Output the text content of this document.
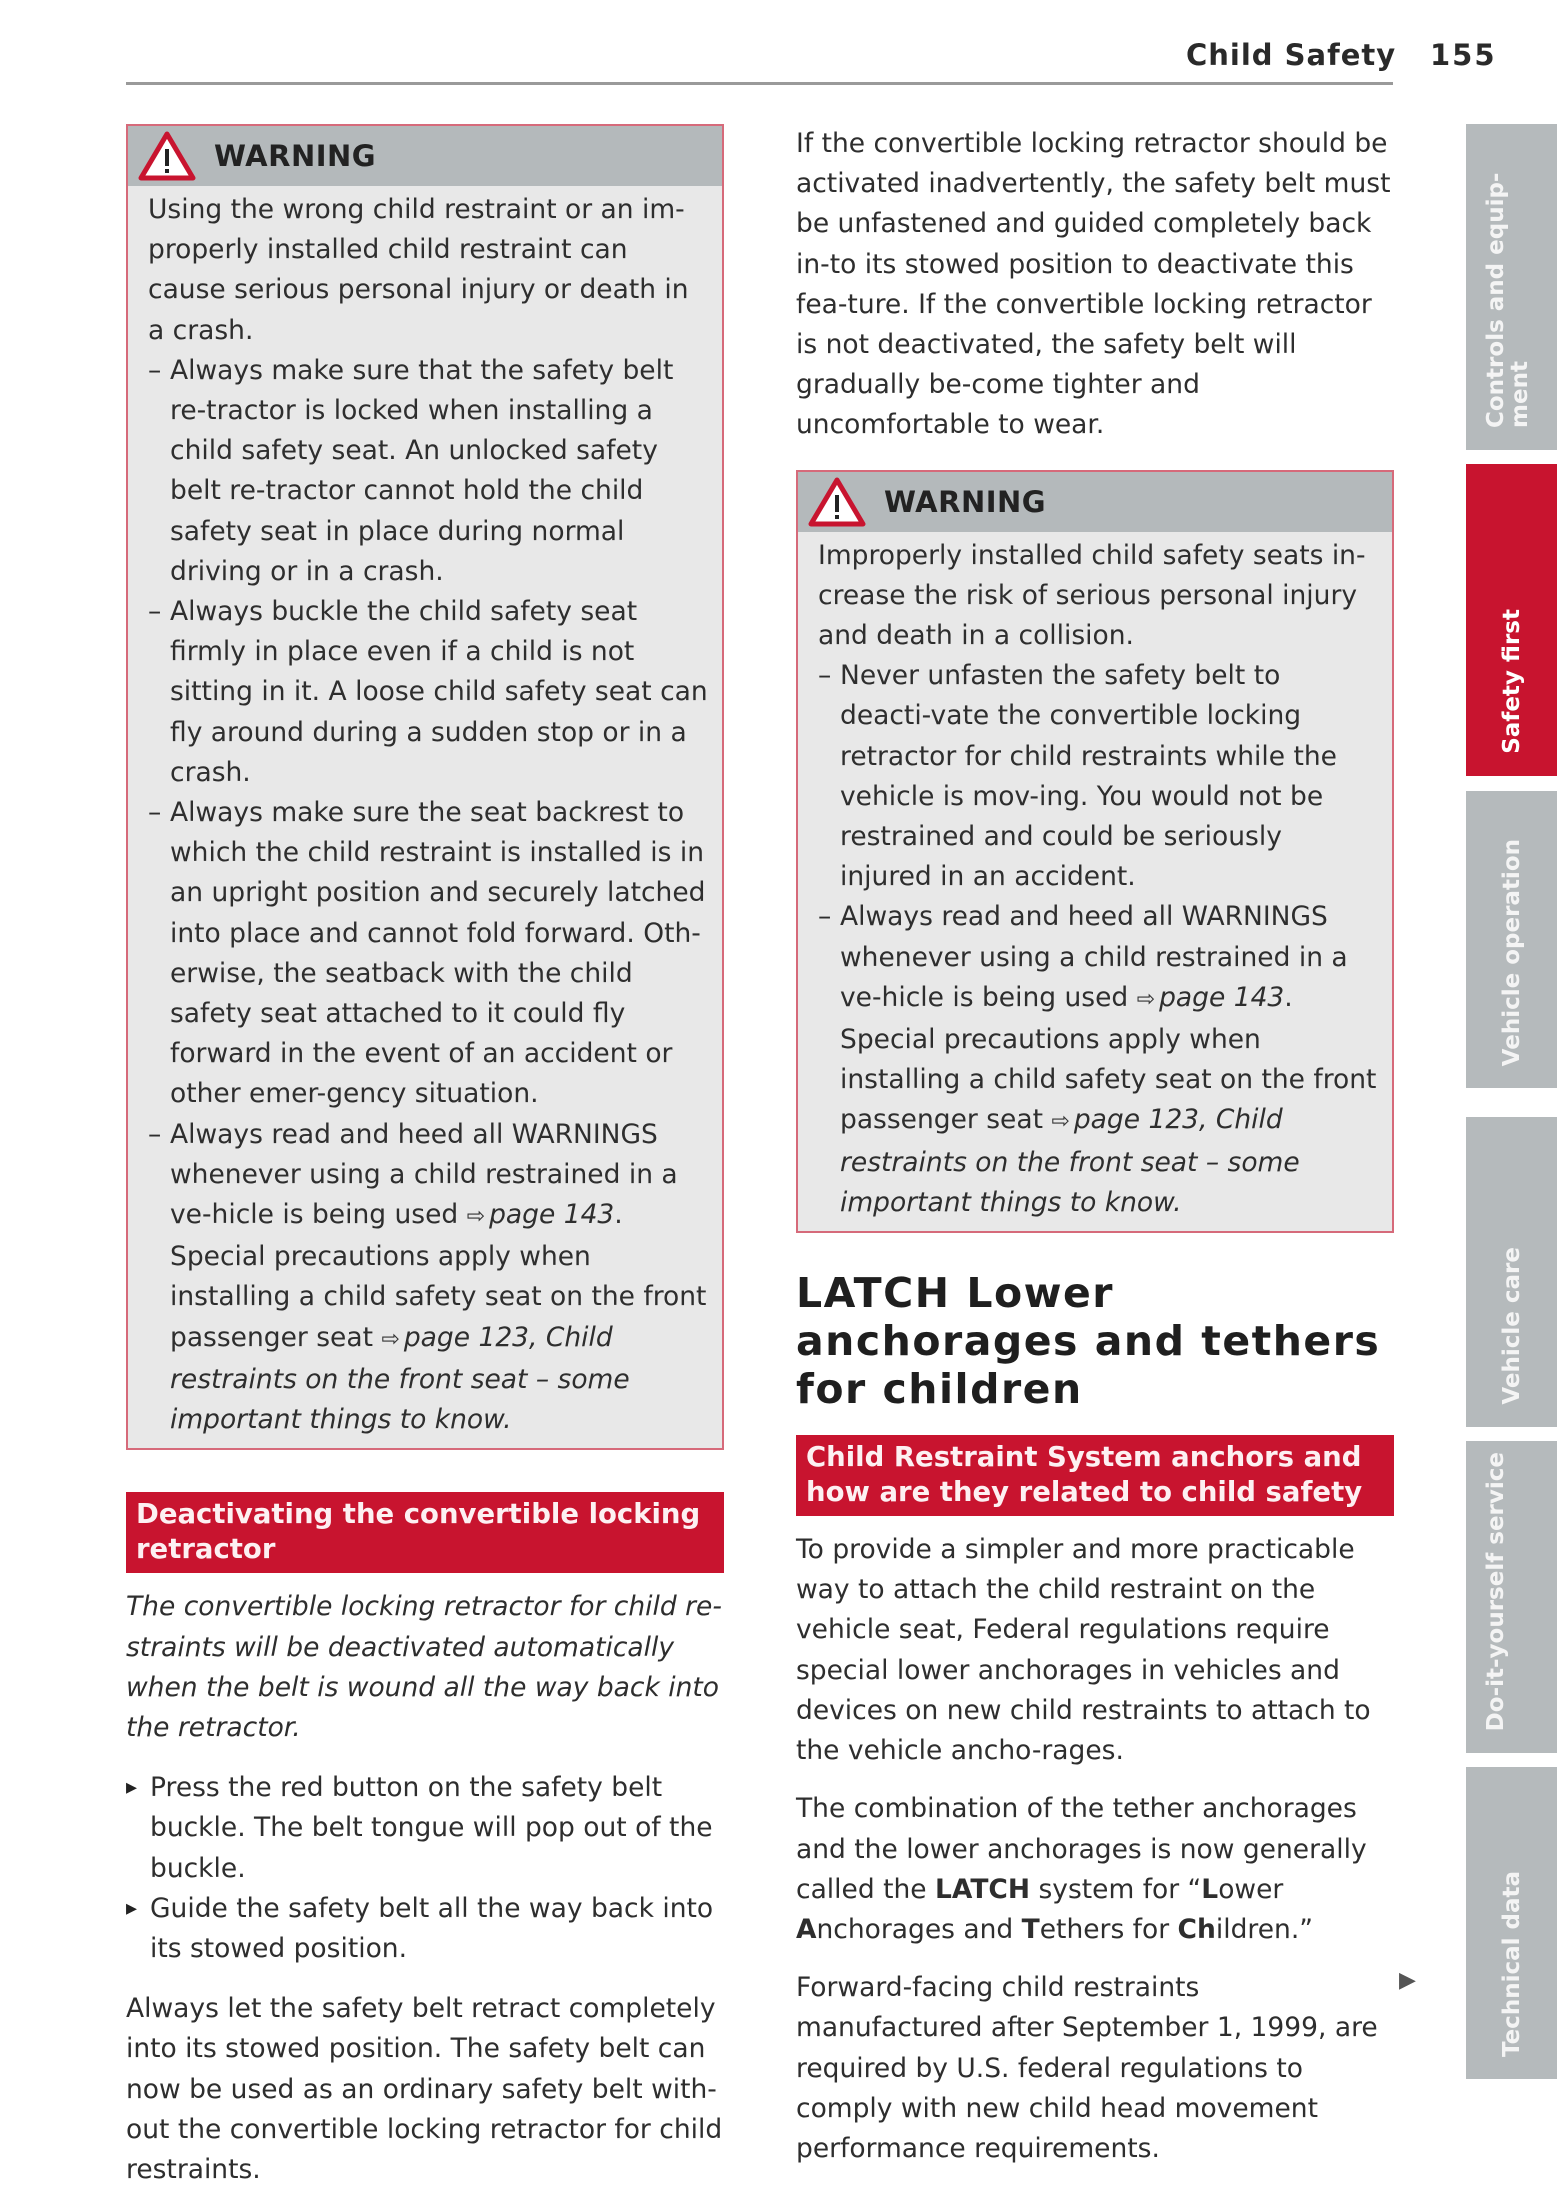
Child Safety 155
WARNING

Using the wrong child restraint or an im-properly installed child restraint can cause serious personal injury or death in a crash.

– Always make sure that the safety belt re-tractor is locked when installing a child safety seat. An unlocked safety belt re-tractor cannot hold the child safety seat in place during normal driving or in a crash.
– Always buckle the child safety seat firmly in place even if a child is not sitting in it. A loose child safety seat can fly around during a sudden stop or in a crash.
– Always make sure the seat backrest to which the child restraint is installed is in an upright position and securely latched into place and cannot fold forward. Oth-erwise, the seatback with the child safety seat attached to it could fly forward in the event of an accident or other emer-gency situation.
– Always read and heed all WARNINGS whenever using a child restrained in a ve-hicle is being used ⇨ page 143. Special precautions apply when installing a child safety seat on the front passenger seat ⇨ page 123, Child restraints on the front seat – some important things to know.
Deactivating the convertible locking retractor

The convertible locking retractor for child re-straints will be deactivated automatically when the belt is wound all the way back into the retractor.

▸ Press the red button on the safety belt buckle. The belt tongue will pop out of the buckle.
▸ Guide the safety belt all the way back into its stowed position.

Always let the safety belt retract completely into its stowed position. The safety belt can now be used as an ordinary safety belt with-out the convertible locking retractor for child restraints.

If the convertible locking retractor should be activated inadvertently, the safety belt must be unfastened and guided completely back in-to its stowed position to deactivate this fea-ture. If the convertible locking retractor is not deactivated, the safety belt will gradually be-come tighter and uncomfortable to wear.

WARNING

Improperly installed child safety seats in-crease the risk of serious personal injury and death in a collision.

– Never unfasten the safety belt to deacti-vate the convertible locking retractor for child restraints while the vehicle is mov-ing. You would not be restrained and could be seriously injured in an accident.
– Always read and heed all WARNINGS whenever using a child restrained in a ve-hicle is being used ⇨ page 143. Special precautions apply when installing a child safety seat on the front passenger seat ⇨ page 123, Child restraints on the front seat – some important things to know.
LATCH Lower anchorages and tethers for children
Child Restraint System anchors and how are they related to child safety

To provide a simpler and more practicable way to attach the child restraint on the vehicle seat, Federal regulations require special lower anchorages in vehicles and devices on new child restraints to attach to the vehicle ancho-rages.

The combination of the tether anchorages and the lower anchorages is now generally called the LATCH system for “Lower Anchorages and Tethers for Children.”

Forward-facing child restraints manufactured after September 1, 1999, are required by U.S. federal regulations to comply with new child head movement performance requirements.

▶
Controls and equip-ment
Safety first
Vehicle operation
Vehicle care
Do-it-yourself service
Technical data
